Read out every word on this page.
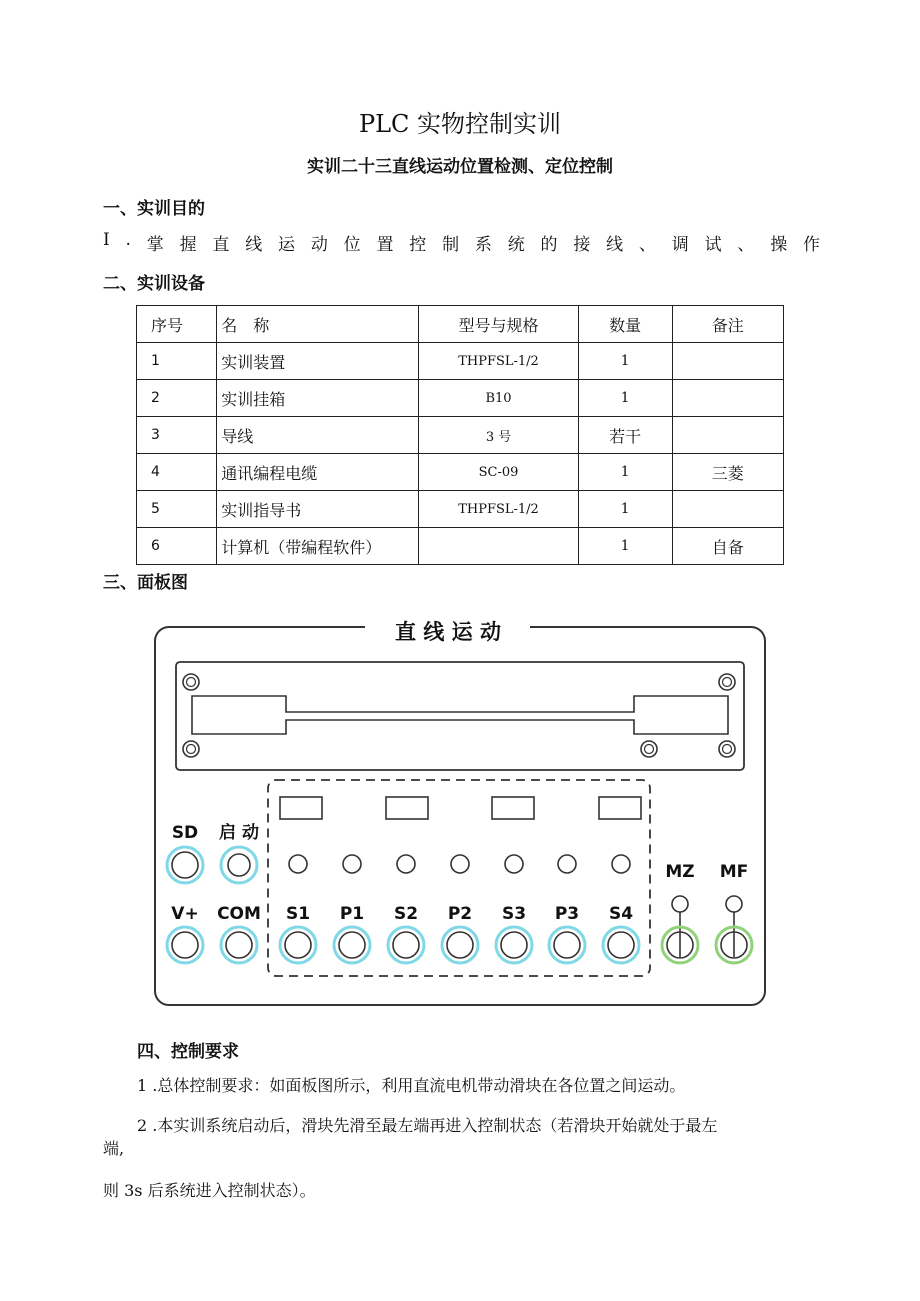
PLC 实物控制实训
实训二十三直线运动位置检测、定位控制
一、实训目的
I . 掌 握 直 线 运 动 位 置 控 制 系 统 的 接 线 、 调 试 、 操 作
二、实训设备
序号	名　称	型号与规格	数量	备注
1	实训装置	THPFSL-1/2	1	
2	实训挂箱	B10	1	
3	导线	3 号	若干	
4	通讯编程电缆	SC-09	1	三菱
5	实训指导书	THPFSL-1/2	1	
6	计算机（带编程软件）		1	自备
三、面板图
直 线 运 动
SD 启 动
MZ MF
V+ COM S1 P1 S2 P2 S3 P3 S4
四、控制要求
1 .总体控制要求：如面板图所示，利用直流电机带动滑块在各位置之间运动。
2 .本实训系统启动后，滑块先滑至最左端再进入控制状态（若滑块开始就处于最左
端,
则 3s 后系统进入控制状态）。
